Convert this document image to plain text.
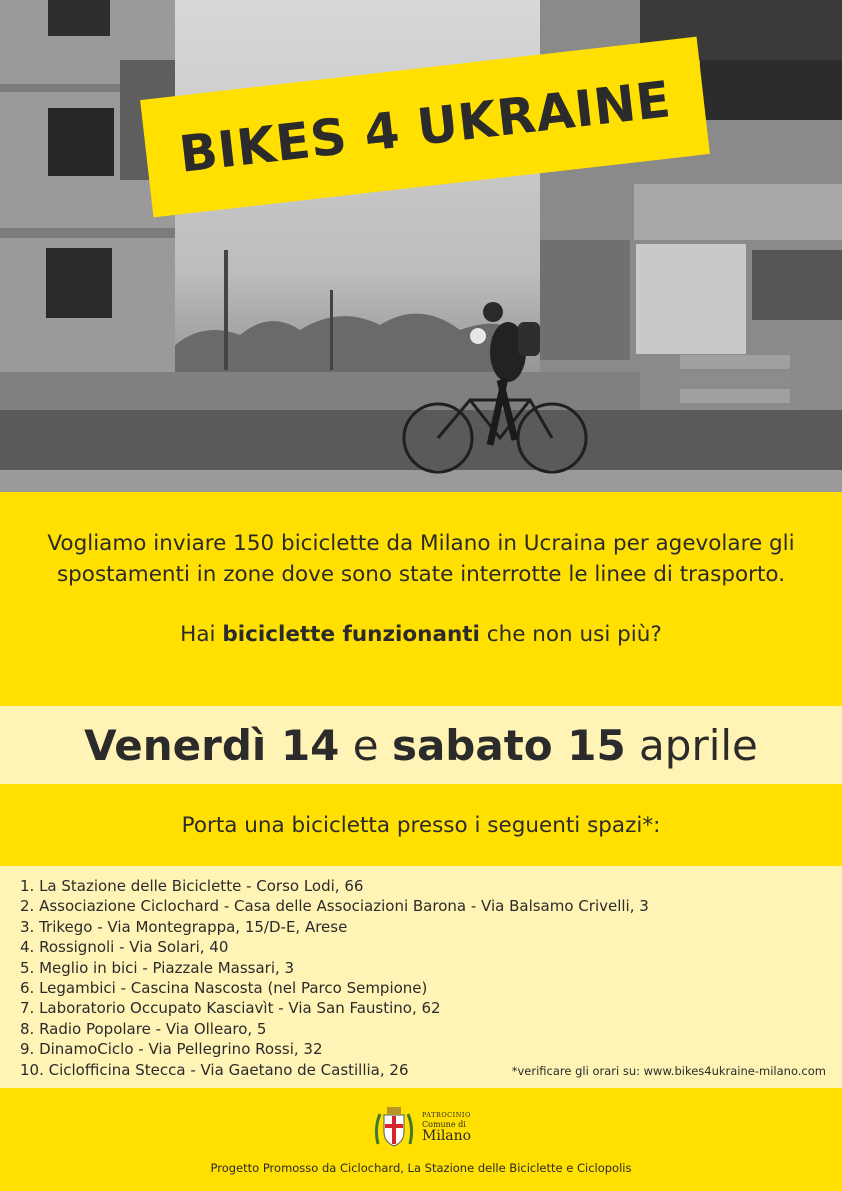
BIKES 4 UKRAINE

Vogliamo inviare 150 biciclette da Milano in Ucraina per agevolare gli spostamenti in zone dove sono state interrotte le linee di trasporto.

Hai biciclette funzionanti che non usi più?

Venerdì 14 e sabato 15 aprile
Porta una bicicletta presso i seguenti spazi*:
1. La Stazione delle Biciclette - Corso Lodi, 66
2. Associazione Ciclochard - Casa delle Associazioni Barona - Via Balsamo Crivelli, 3
3. Trikego - Via Montegrappa, 15/D-E, Arese
4. Rossignoli - Via Solari, 40
5. Meglio in bici - Piazzale Massari, 3
6. Legambici - Cascina Nascosta (nel Parco Sempione)
7. Laboratorio Occupato Kasciavìt - Via San Faustino, 62
8. Radio Popolare - Via Ollearo, 5
9. DinamoCiclo - Via Pellegrino Rossi, 32
10. Ciclofficina Stecca - Via Gaetano de Castillia, 26	*verificare gli orari su: www.bikes4ukraine-milano.com

PATROCINIO
Comune di
Milano

Progetto Promosso da Ciclochard, La Stazione delle Biciclette e Ciclopolis
